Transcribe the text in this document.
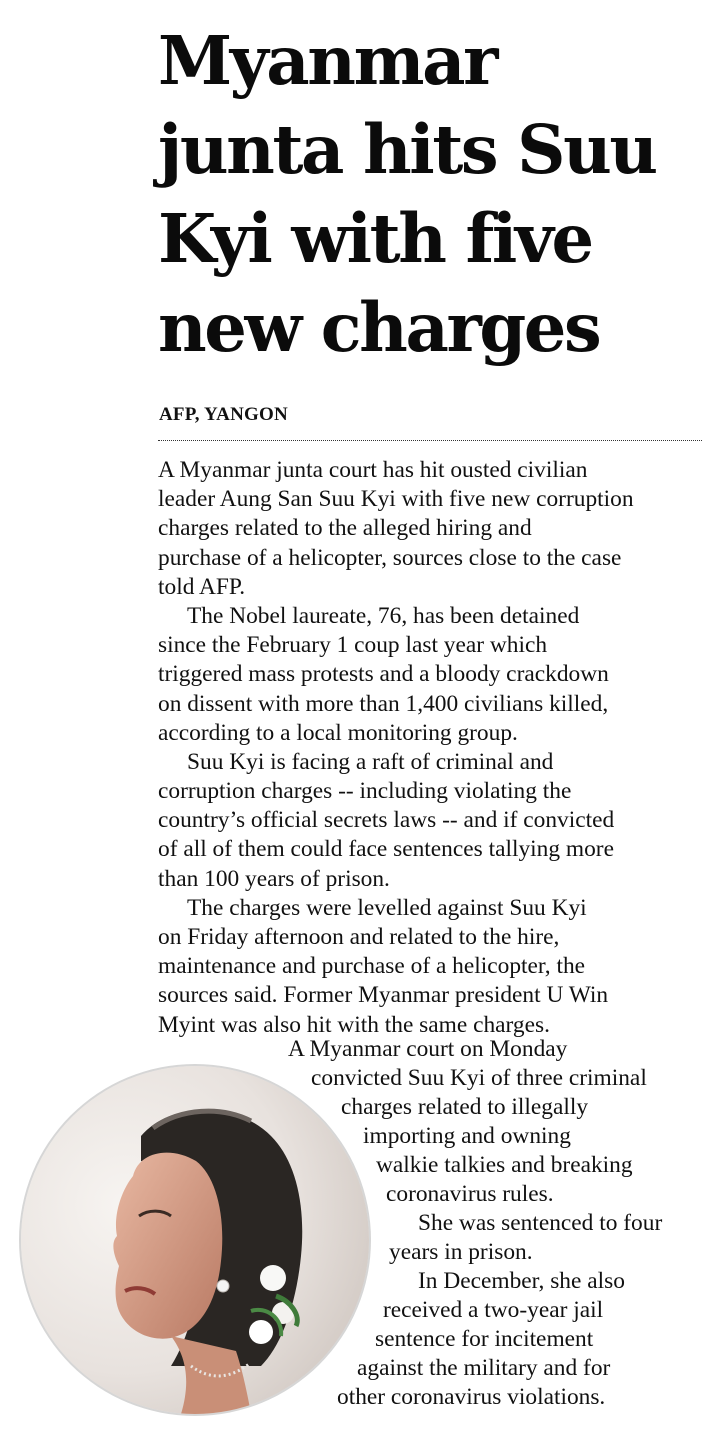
Myanmar
junta hits Suu
Kyi with five
new charges
AFP, YANGON
A Myanmar junta court has hit ousted civilian
leader Aung San Suu Kyi with five new corruption
charges related to the alleged hiring and
purchase of a helicopter, sources close to the case
told AFP.
The Nobel laureate, 76, has been detained
since the February 1 coup last year which
triggered mass protests and a bloody crackdown
on dissent with more than 1,400 civilians killed,
according to a local monitoring group.
Suu Kyi is facing a raft of criminal and
corruption charges -- including violating the
country’s official secrets laws -- and if convicted
of all of them could face sentences tallying more
than 100 years of prison.
The charges were levelled against Suu Kyi
on Friday afternoon and related to the hire,
maintenance and purchase of a helicopter, the
sources said. Former Myanmar president U Win
Myint was also hit with the same charges.
A Myanmar court on Monday
convicted Suu Kyi of three criminal
charges related to illegally
importing and owning
walkie talkies and breaking
coronavirus rules.
She was sentenced to four
years in prison.
In December, she also
received a two-year jail
sentence for incitement
against the military and for
other coronavirus violations.
